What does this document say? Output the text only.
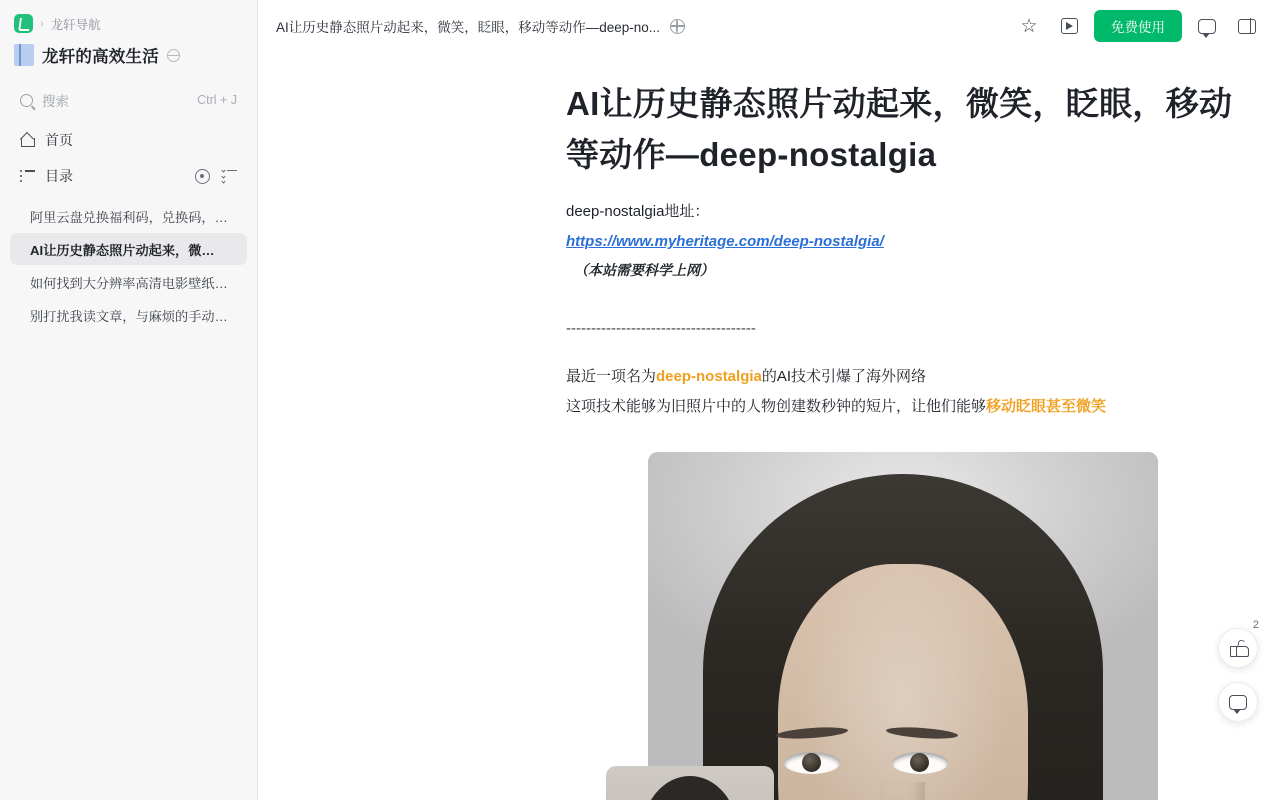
› 龙轩导航
龙轩的高效生活
搜索	Ctrl + J
首页
目录
阿里云盘兑换福利码，兑换码，…
AI让历史静态照片动起来，微…
如何找到大分辨率高清电影壁纸…
别打扰我读文章，与麻烦的手动…
AI让历史静态照片动起来，微笑，眨眼，移动等动作—deep-no...	☆	免费使用
AI让历史静态照片动起来，微笑，眨眼，移动等动作—deep-nostalgia

deep-nostalgia地址：

https://www.myheritage.com/deep-nostalgia/

（本站需要科学上网）
--------------------------------------

最近一项名为deep-nostalgia的AI技术引爆了海外网络

这项技术能够为旧照片中的人物创建数秒钟的短片，让他们能够移动眨眼甚至微笑

2
